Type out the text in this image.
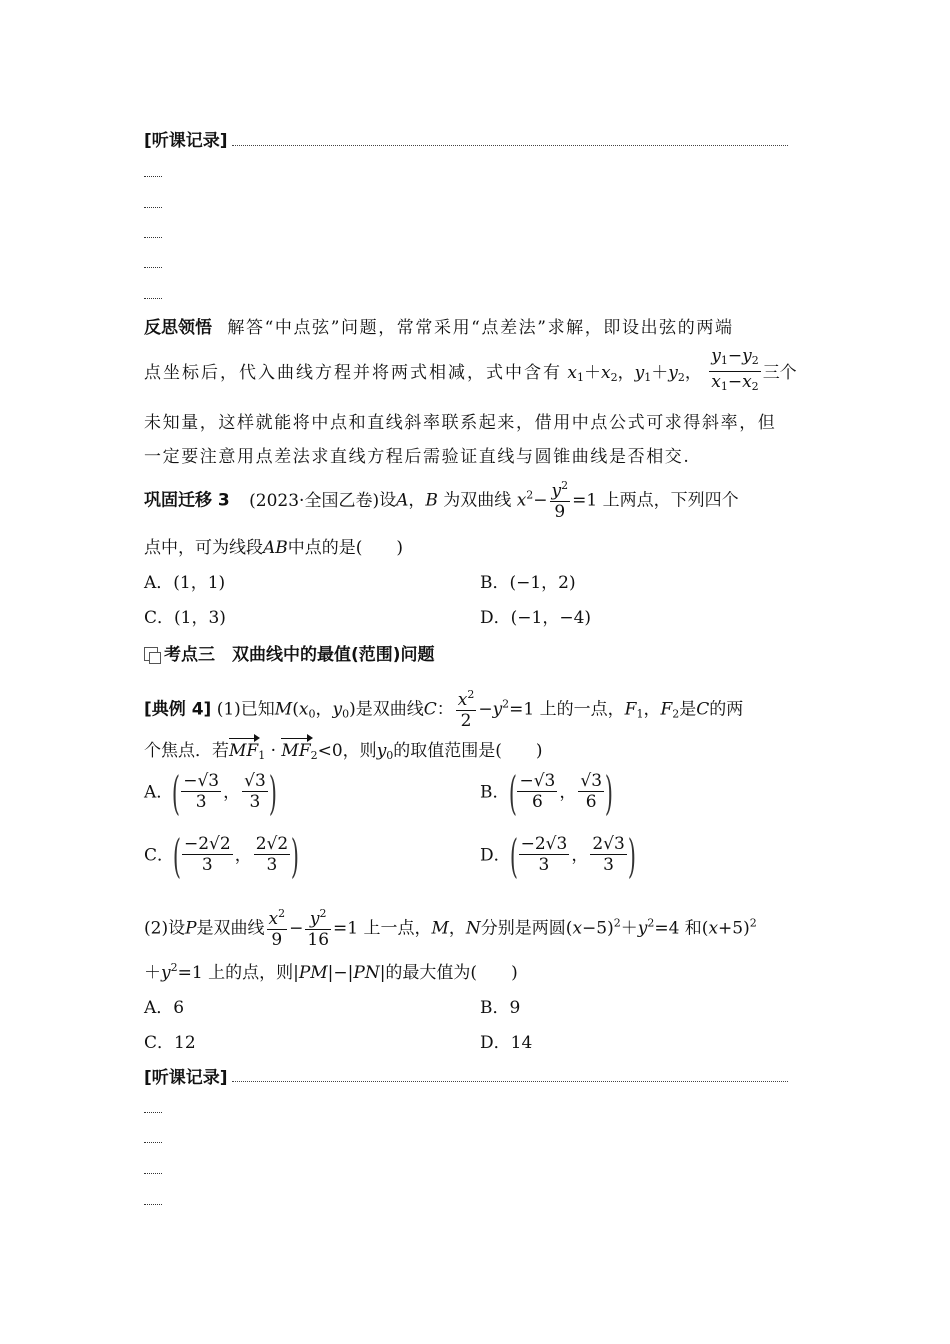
[听课记录]
反思领悟 解答“中点弦”问题，常常采用“点差法”求解，即设出弦的两端
点坐标后，代入曲线方程并将两式相减，式中含有 $x_1+x_2$，$y_1+y_2$， $\frac{y_1-y_2}{x_1-x_2}$ 三个
未知量，这样就能将中点和直线斜率联系起来，借用中点公式可求得斜率，但
一定要注意用点差法求直线方程后需验证直线与圆锥曲线是否相交.
巩固迁移 3 (2023·全国乙卷)设A，B 为双曲线 $x^2- \frac{y^2}{9} =1$ 上两点，下列四个
点中，可为线段AB中点的是(　　)
A．(1，1)	B．(−1，2)
C．(1，3)	D．(−1，−4)
考点三　双曲线中的最值(范围)问题
[典例 4] (1)已知$M(x_0$，$y_0$)是双曲线C： $\frac{x^2}{2} -y^2=1$ 上的一点，$F_1$，$F_2$是C的两
个焦点．若$MF_1 \cdot MF_2<0$，则$y_0$的取值范围是(　　)
A．( $\frac{-√3}{3}$ ， $\frac{√3}{3}$ )	B．( $\frac{-√3}{6}$ ， $\frac{√3}{6}$ )
C．( $\frac{-2√2}{3}$ ， $\frac{2√2}{3}$ )	D．( $\frac{-2√3}{3}$ ， $\frac{2√3}{3}$ )
(2)设P是双曲线 $\frac{x^2}{9} - \frac{y^2}{16} =1$ 上一点，M，N分别是两圆$(x-5)^2+y^2=4$ 和$(x+5)^2$
$+y^2=1$ 上的点，则|PM|−|PN|的最大值为(　　)
A．6	B．9
C．12	D．14
[听课记录]
